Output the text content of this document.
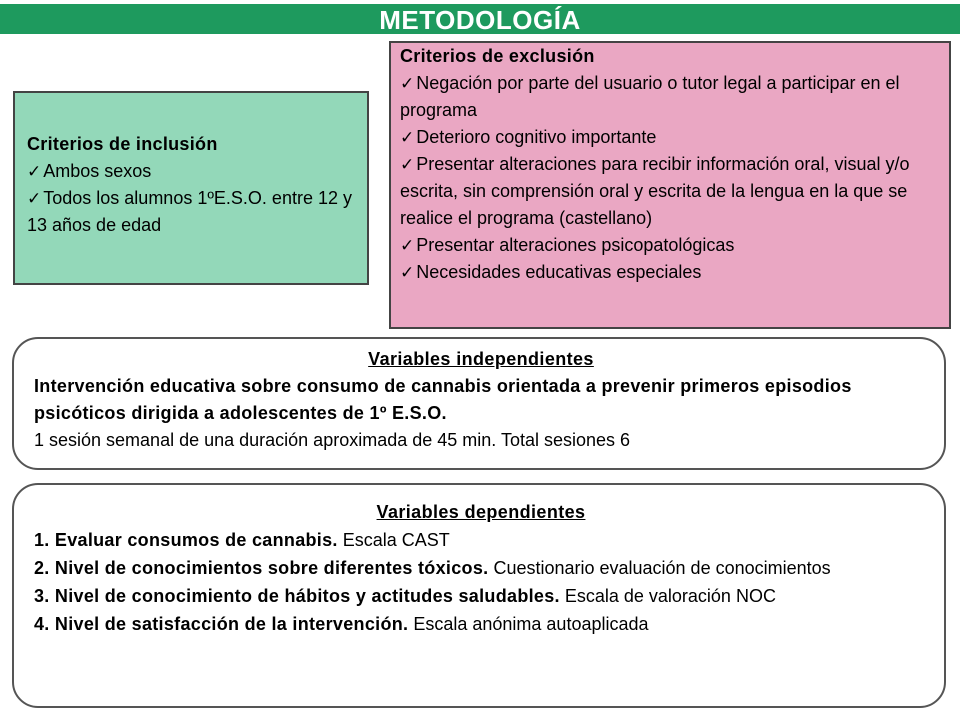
METODOLOGÍA
Criterios de inclusión
✓ Ambos sexos
✓ Todos los alumnos 1ºE.S.O. entre 12 y 13 años de edad
Criterios de exclusión
✓ Negación por parte del usuario o tutor legal a participar en el programa
✓ Deterioro cognitivo importante
✓ Presentar alteraciones para recibir información oral, visual y/o escrita, sin comprensión oral y escrita de la lengua en la que se realice el programa (castellano)
✓ Presentar alteraciones psicopatológicas
✓ Necesidades educativas especiales
Variables independientes
Intervención educativa sobre consumo de cannabis orientada a prevenir primeros episodios psicóticos dirigida a adolescentes de 1º E.S.O.
1 sesión semanal de una duración aproximada de 45 min. Total sesiones 6
Variables dependientes
1. Evaluar consumos de cannabis. Escala CAST
2. Nivel de conocimientos sobre diferentes tóxicos. Cuestionario evaluación de conocimientos
3. Nivel de conocimiento de hábitos y actitudes saludables. Escala de valoración NOC
4. Nivel de satisfacción de la intervención. Escala anónima autoaplicada
